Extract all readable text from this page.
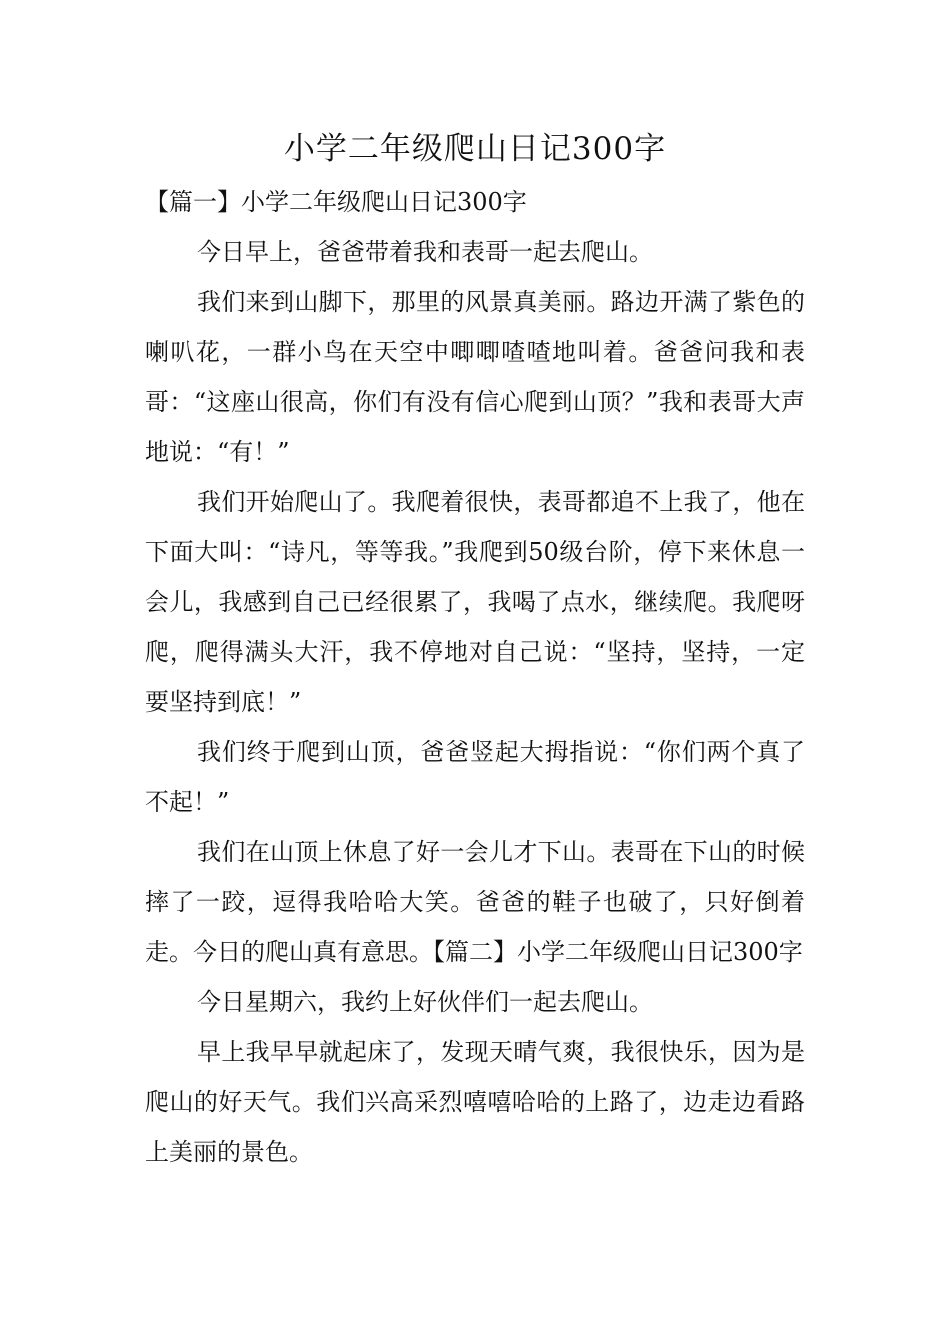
小学二年级爬山日记300字

【篇一】小学二年级爬山日记300字

今日早上，爸爸带着我和表哥一起去爬山。

我们来到山脚下，那里的风景真美丽。路边开满了紫色的喇叭花，一群小鸟在天空中唧唧喳喳地叫着。爸爸问我和表哥：“这座山很高，你们有没有信心爬到山顶？”我和表哥大声地说：“有！”

我们开始爬山了。我爬着很快，表哥都追不上我了，他在下面大叫：“诗凡，等等我。”我爬到50级台阶，停下来休息一会儿，我感到自己已经很累了，我喝了点水，继续爬。我爬呀爬，爬得满头大汗，我不停地对自己说：“坚持，坚持，一定要坚持到底！”

我们终于爬到山顶，爸爸竖起大拇指说：“你们两个真了不起！”

我们在山顶上休息了好一会儿才下山。表哥在下山的时候摔了一跤，逗得我哈哈大笑。爸爸的鞋子也破了，只好倒着走。今日的爬山真有意思。【篇二】小学二年级爬山日记300字

今日星期六，我约上好伙伴们一起去爬山。

早上我早早就起床了，发现天晴气爽，我很快乐，因为是爬山的好天气。我们兴高采烈嘻嘻哈哈的上路了，边走边看路上美丽的景色。
